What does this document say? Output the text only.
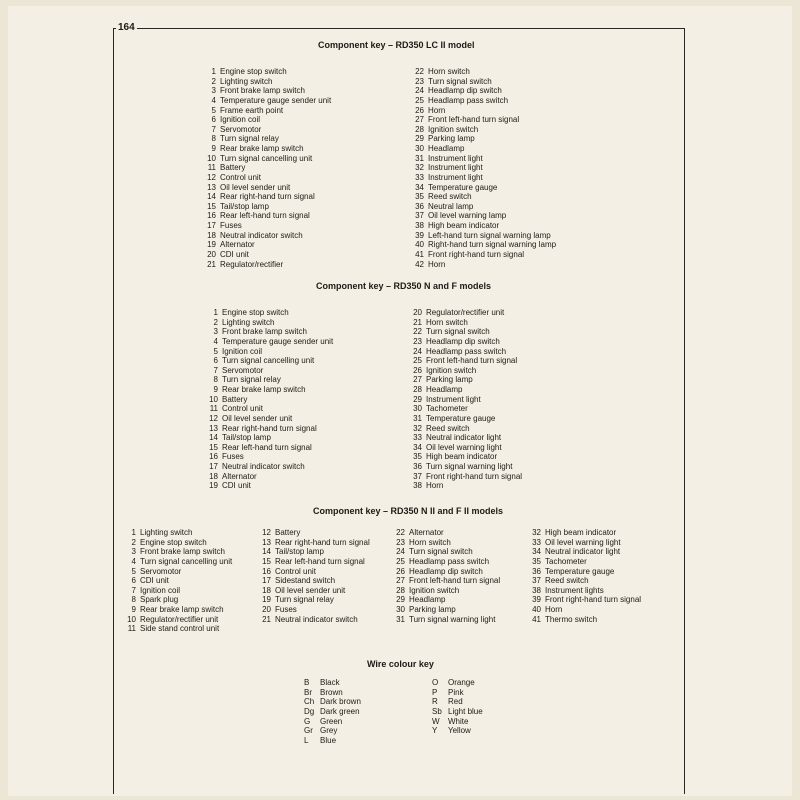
164
Component key – RD350 LC II model
1 Engine stop switch
2 Lighting switch
3 Front brake lamp switch
4 Temperature gauge sender unit
5 Frame earth point
6 Ignition coil
7 Servomotor
8 Turn signal relay
9 Rear brake lamp switch
10 Turn signal cancelling unit
11 Battery
12 Control unit
13 Oil level sender unit
14 Rear right-hand turn signal
15 Tail/stop lamp
16 Rear left-hand turn signal
17 Fuses
18 Neutral indicator switch
19 Alternator
20 CDI unit
21 Regulator/rectifier
22 Horn switch
23 Turn signal switch
24 Headlamp dip switch
25 Headlamp pass switch
26 Horn
27 Front left-hand turn signal
28 Ignition switch
29 Parking lamp
30 Headlamp
31 Instrument light
32 Instrument light
33 Instrument light
34 Temperature gauge
35 Reed switch
36 Neutral lamp
37 Oil level warning lamp
38 High beam indicator
39 Left-hand turn signal warning lamp
40 Right-hand turn signal warning lamp
41 Front right-hand turn signal
42 Horn
Component key – RD350 N and F models
1 Engine stop switch
2 Lighting switch
3 Front brake lamp switch
4 Temperature gauge sender unit
5 Ignition coil
6 Turn signal cancelling unit
7 Servomotor
8 Turn signal relay
9 Rear brake lamp switch
10 Battery
11 Control unit
12 Oil level sender unit
13 Rear right-hand turn signal
14 Tail/stop lamp
15 Rear left-hand turn signal
16 Fuses
17 Neutral indicator switch
18 Alternator
19 CDI unit
20 Regulator/rectifier unit
21 Horn switch
22 Turn signal switch
23 Headlamp dip switch
24 Headlamp pass switch
25 Front left-hand turn signal
26 Ignition switch
27 Parking lamp
28 Headlamp
29 Instrument light
30 Tachometer
31 Temperature gauge
32 Reed switch
33 Neutral indicator light
34 Oil level warning light
35 High beam indicator
36 Turn signal warning light
37 Front right-hand turn signal
38 Horn
Component key – RD350 N II and F II models
1 Lighting switch
2 Engine stop switch
3 Front brake lamp switch
4 Turn signal cancelling unit
5 Servomotor
6 CDI unit
7 Ignition coil
8 Spark plug
9 Rear brake lamp switch
10 Regulator/rectifier unit
11 Side stand control unit
12 Battery
13 Rear right-hand turn signal
14 Tail/stop lamp
15 Rear left-hand turn signal
16 Control unit
17 Sidestand switch
18 Oil level sender unit
19 Turn signal relay
20 Fuses
21 Neutral indicator switch
22 Alternator
23 Horn switch
24 Turn signal switch
25 Headlamp pass switch
26 Headlamp dip switch
27 Front left-hand turn signal
28 Ignition switch
29 Headlamp
30 Parking lamp
31 Turn signal warning light
32 High beam indicator
33 Oil level warning light
34 Neutral indicator light
35 Tachometer
36 Temperature gauge
37 Reed switch
38 Instrument lights
39 Front right-hand turn signal
40 Horn
41 Thermo switch
Wire colour key
B	Black
Br	Brown
Ch Dark brown
Dg Dark green
G	Green
Gr Grey
L	Blue
O	Orange
P	Pink
R	Red
Sb Light blue
W	White
Y	Yellow
